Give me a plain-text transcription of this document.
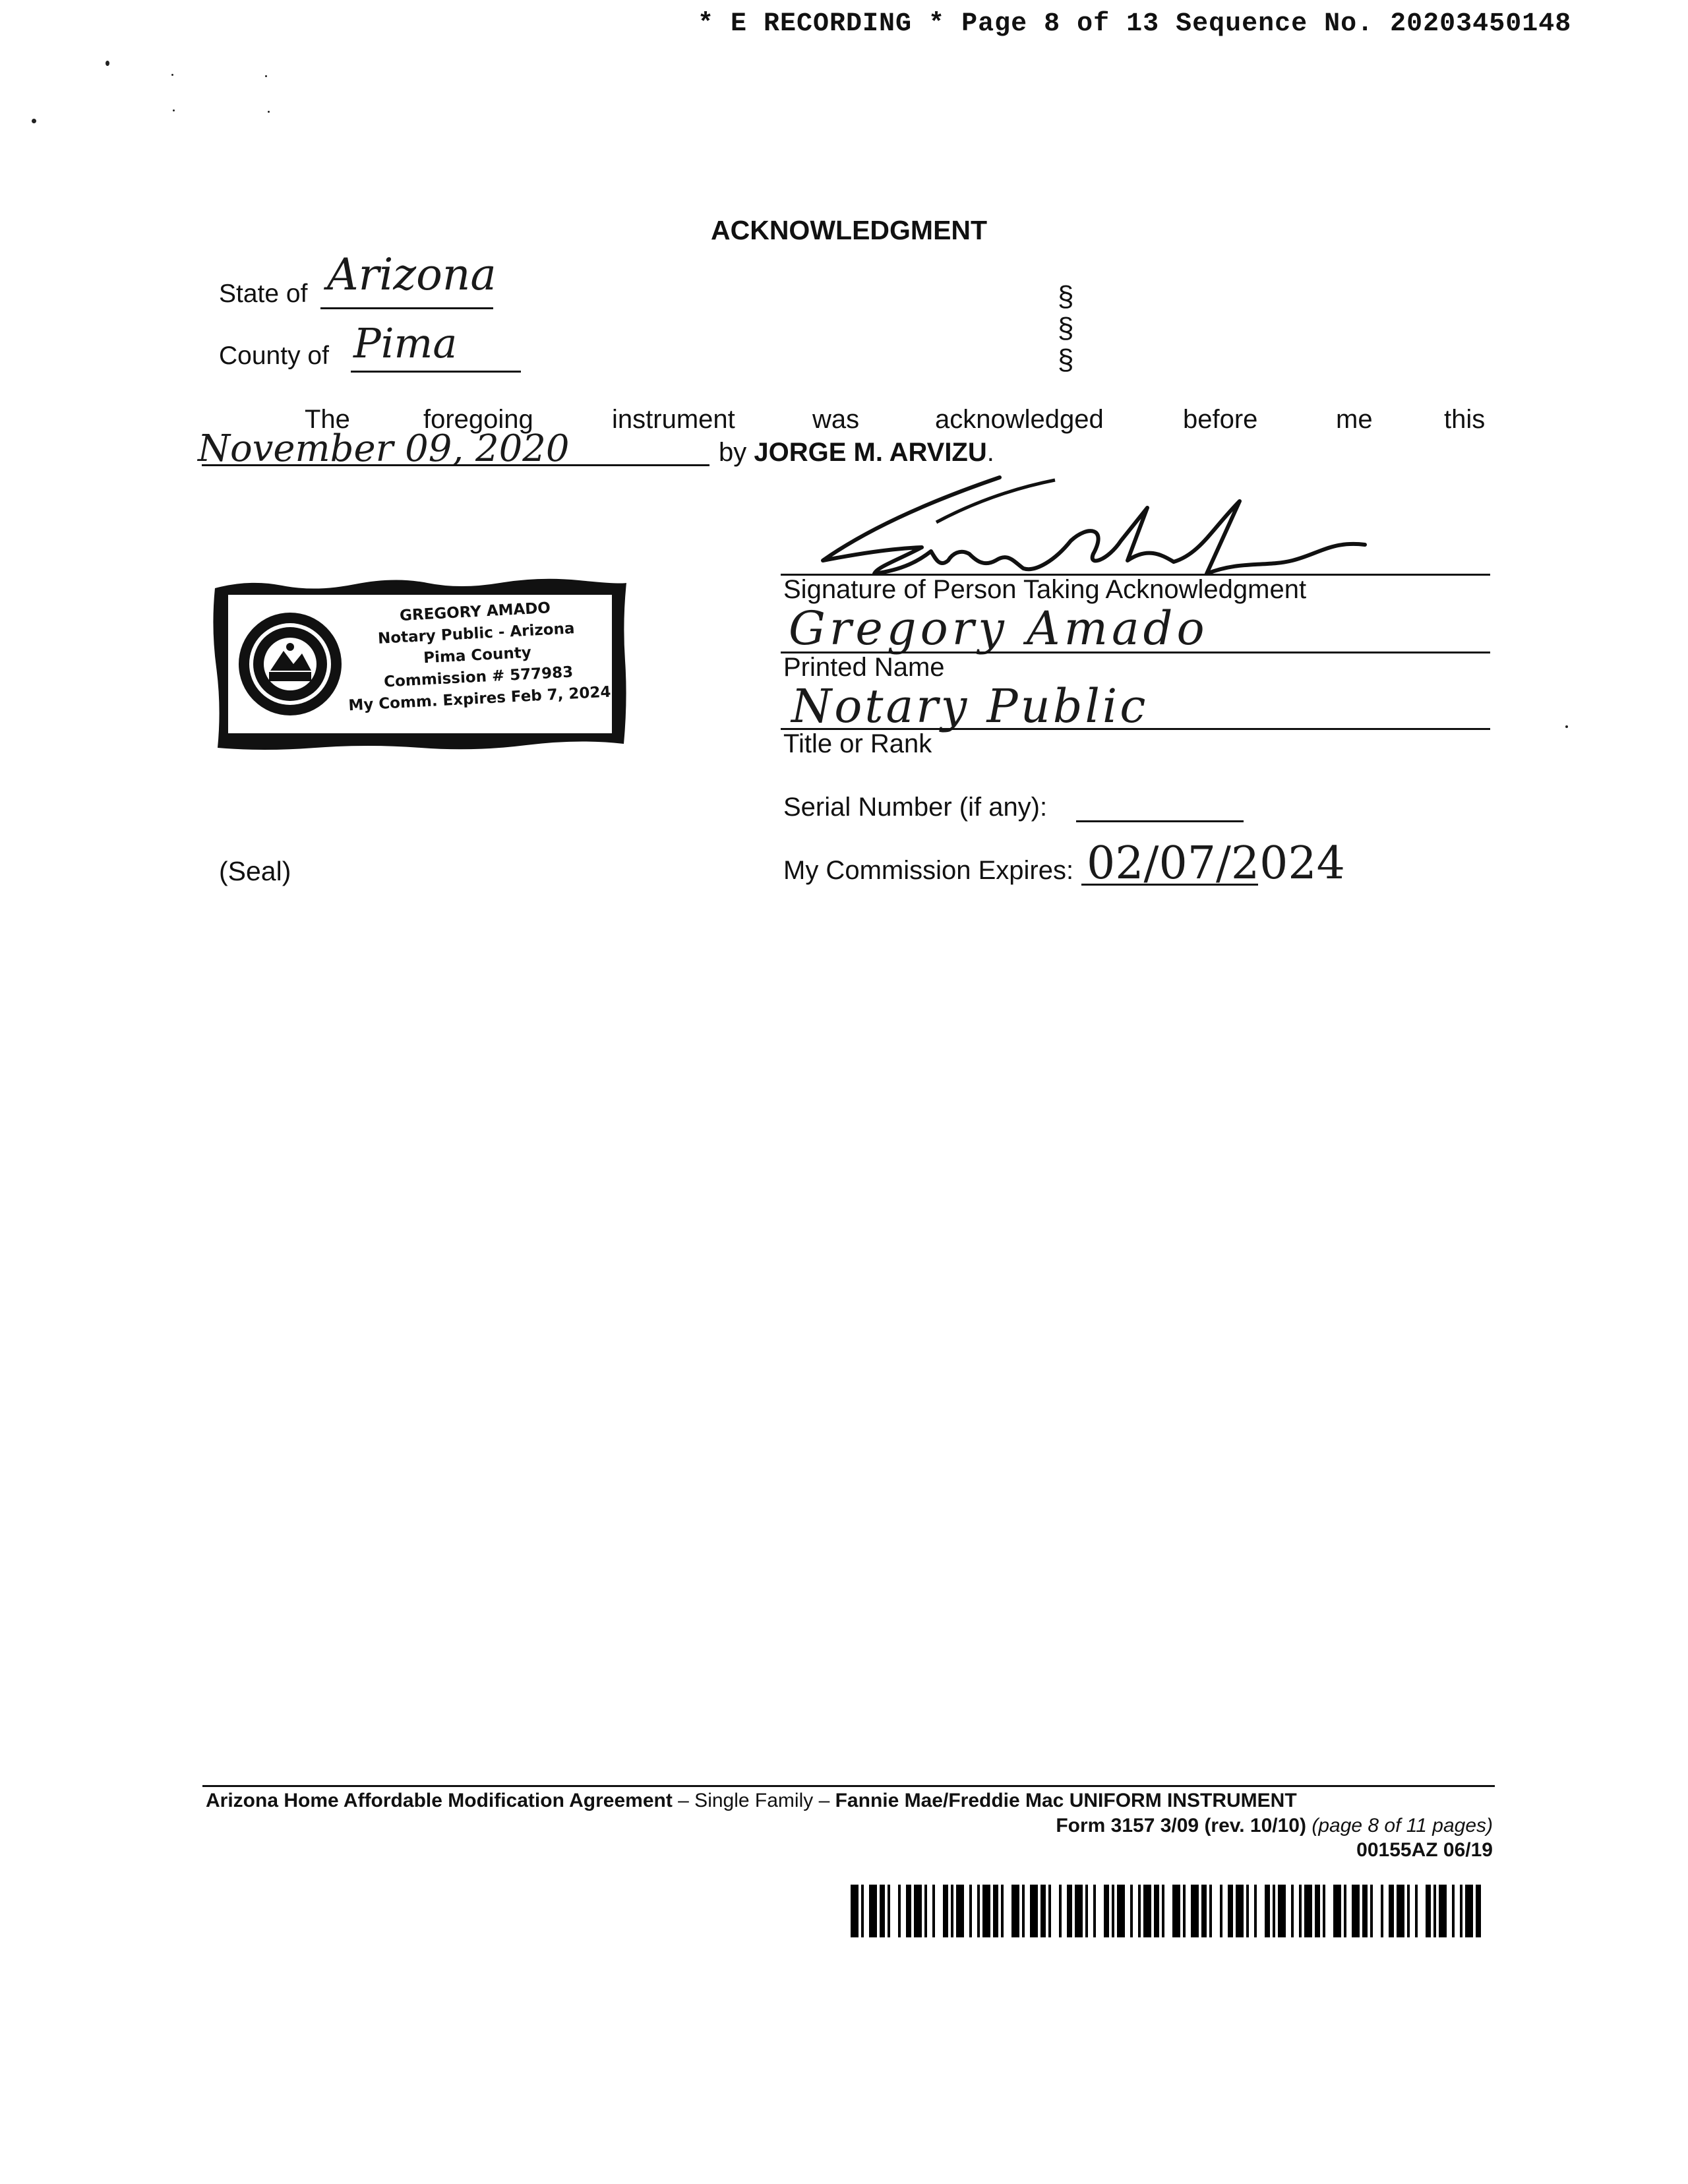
* E RECORDING * Page 8 of 13 Sequence No. 20203450148
ACKNOWLEDGMENT
State of Arizona
County of Pima
§
§
§
The	foregoing	instrument	was	acknowledged	before	me	this
November 09, 2020	by JORGE M. ARVIZU.
GREGORY AMADO
Notary Public - Arizona
Pima County
Commission # 577983
My Comm. Expires Feb 7, 2024
Signature of Person Taking Acknowledgment
Gregory Amado
Printed Name
Notary Public
Title or Rank
Serial Number (if any):
My Commission Expires: 02/07/2024
(Seal)
Arizona Home Affordable Modification Agreement – Single Family – Fannie Mae/Freddie Mac UNIFORM INSTRUMENT
Form 3157 3/09 (rev. 10/10) (page 8 of 11 pages)
00155AZ 06/19
